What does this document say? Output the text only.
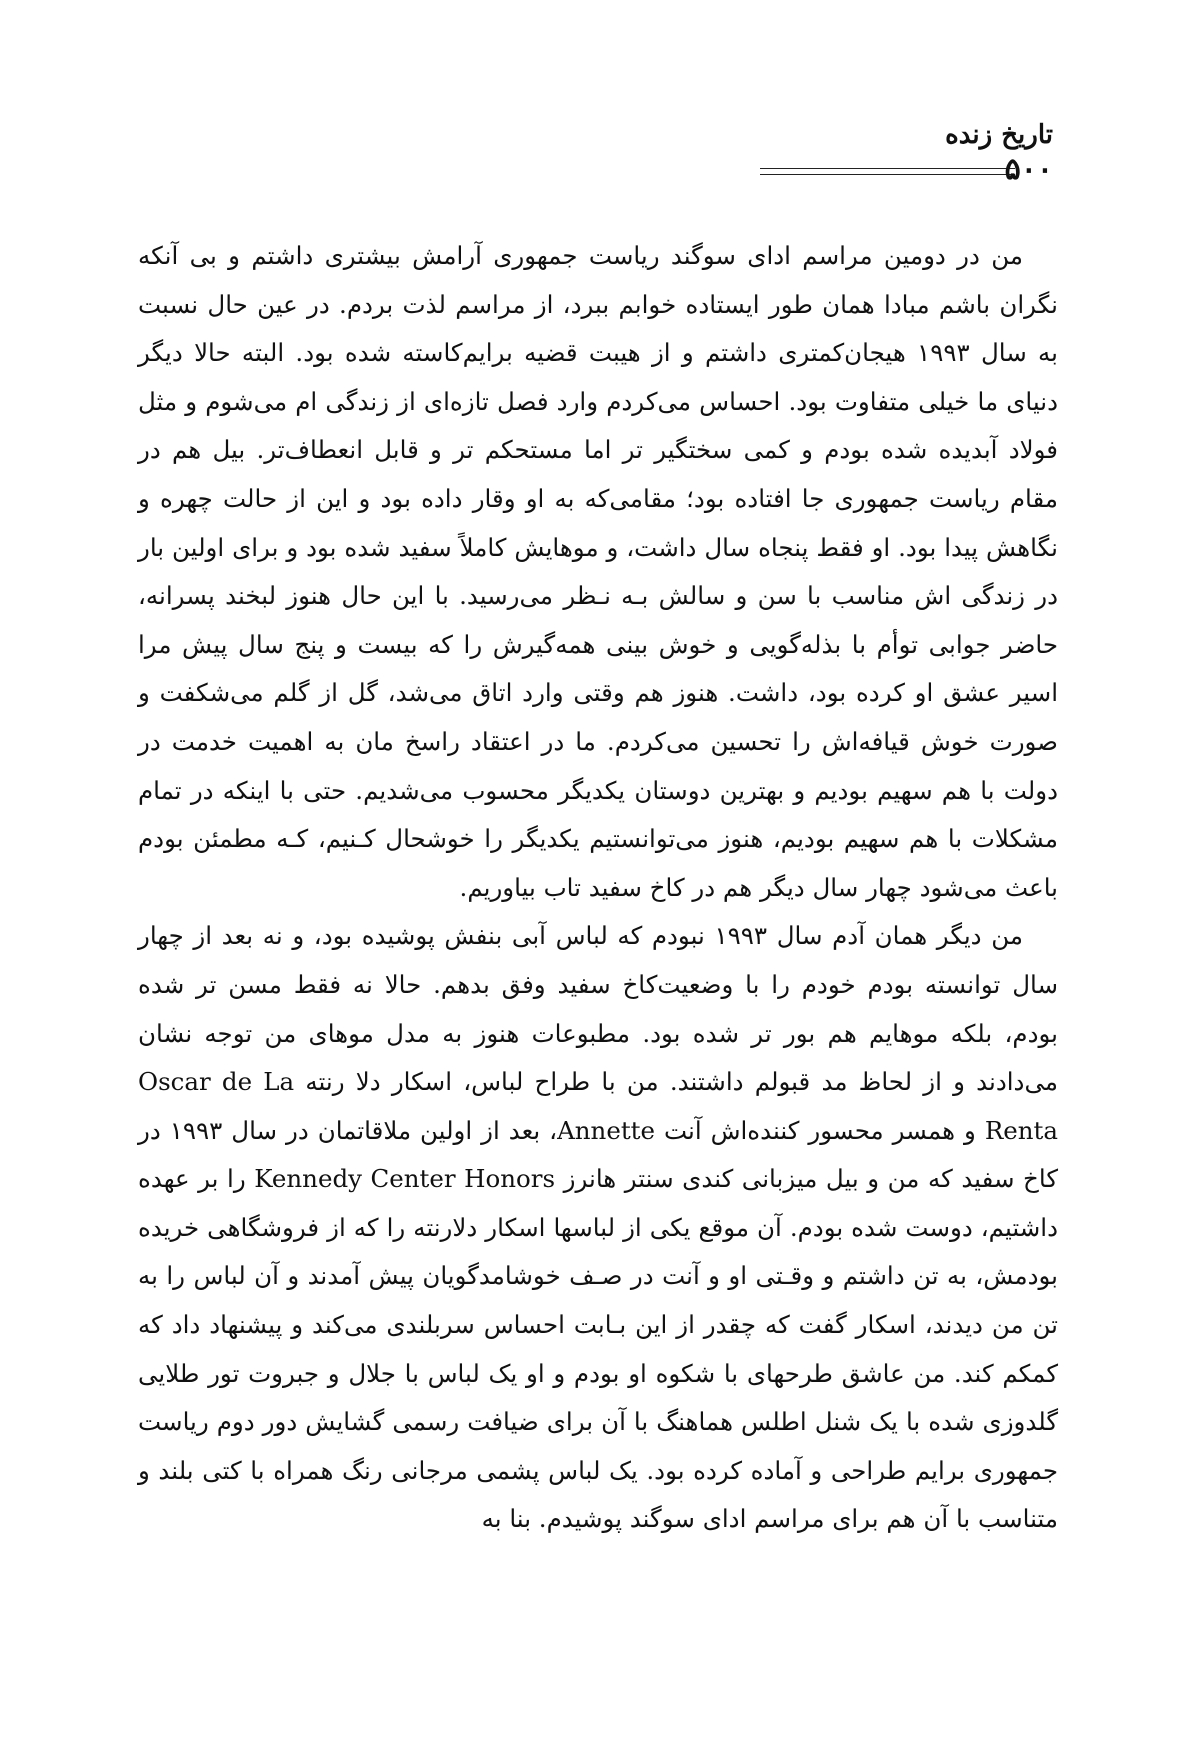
تاریخ زنده
۵۰۰

من در دومین مراسم ادای سوگند ریاست جمهوری آرامش بیشتری داشتم و بی آنکه نگران باشم مبادا همان طور ایستاده خوابم ببرد، از مراسم لذت بردم. در عین حال نسبت به سال ۱۹۹۳ هیجان‌کمتری داشتم و از هیبت قضیه برایم‌کاسته شده بود. البته حالا دیگر دنیای ما خیلی متفاوت بود. احساس می‌کردم وارد فصل تازه‌ای از زندگی ام می‌شوم و مثل فولاد آبدیده شده بودم و کمی سختگیر تر اما مستحکم تر و قابل انعطاف‌تر. بیل هم در مقام ریاست جمهوری جا افتاده بود؛ مقامی‌که به او وقار داده بود و این از حالت چهره و نگاهش پیدا بود. او فقط پنجاه سال داشت، و موهایش کاملاً سفید شده بود و برای اولین بار در زندگی اش مناسب با سن و سالش بـه نـظر می‌رسید. با این حال هنوز لبخند پسرانه، حاضر جوابی توأم با بذله‌گویی و خوش بینی همه‌گیرش را که بیست و پنج سال پیش مرا اسیر عشق او کرده بود، داشت. هنوز هم وقتی وارد اتاق می‌شد، گل از گلم می‌شکفت و صورت خوش قیافه‌اش را تحسین می‌کردم. ما در اعتقاد راسخ مان به اهمیت خدمت در دولت با هم سهیم بودیم و بهترین دوستان یکدیگر محسوب می‌شدیم. حتی با اینکه در تمام مشکلات با هم سهیم بودیم، هنوز می‌توانستیم یکدیگر را خوشحال کـنیم، کـه مطمئن بودم باعث می‌شود چهار سال دیگر هم در کاخ سفید تاب بیاوریم.

من دیگر همان آدم سال ۱۹۹۳ نبودم که لباس آبی بنفش پوشیده بود، و نه بعد از چهار سال توانسته بودم خودم را با وضعیت‌کاخ سفید وفق بدهم. حالا نه فقط مسن تر شده بودم، بلکه موهایم هم بور تر شده بود. مطبوعات هنوز به مدل موهای من توجه نشان می‌دادند و از لحاظ مد قبولم داشتند. من با طراح لباس، اسکار دلا رنته Oscar de La Renta و همسر محسور کننده‌اش آنت Annette، بعد از اولین ملاقاتمان در سال ۱۹۹۳ در کاخ سفید که من و بیل میزبانی کندی سنتر هانرز Kennedy Center Honors را بر عهده داشتیم، دوست شده بودم. آن موقع یکی از لباسها اسکار دلارنته را که از فروشگاهی خریده بودمش، به تن داشتم و وقـتی او و آنت در صـف خوشامدگویان پیش آمدند و آن لباس را به تن من دیدند، اسکار گفت که چقدر از این بـابت احساس سربلندی می‌کند و پیشنهاد داد که کمکم کند. من عاشق طرحهای با شکوه او بودم و او یک لباس با جلال و جبروت تور طلایی گلدوزی شده با یک شنل اطلس هماهنگ با آن برای ضیافت رسمی گشایش دور دوم ریاست جمهوری برایم طراحی و آماده کرده بود. یک لباس پشمی مرجانی رنگ همراه با کتی بلند و متناسب با آن هم برای مراسم ادای سوگند پوشیدم. بنا به
